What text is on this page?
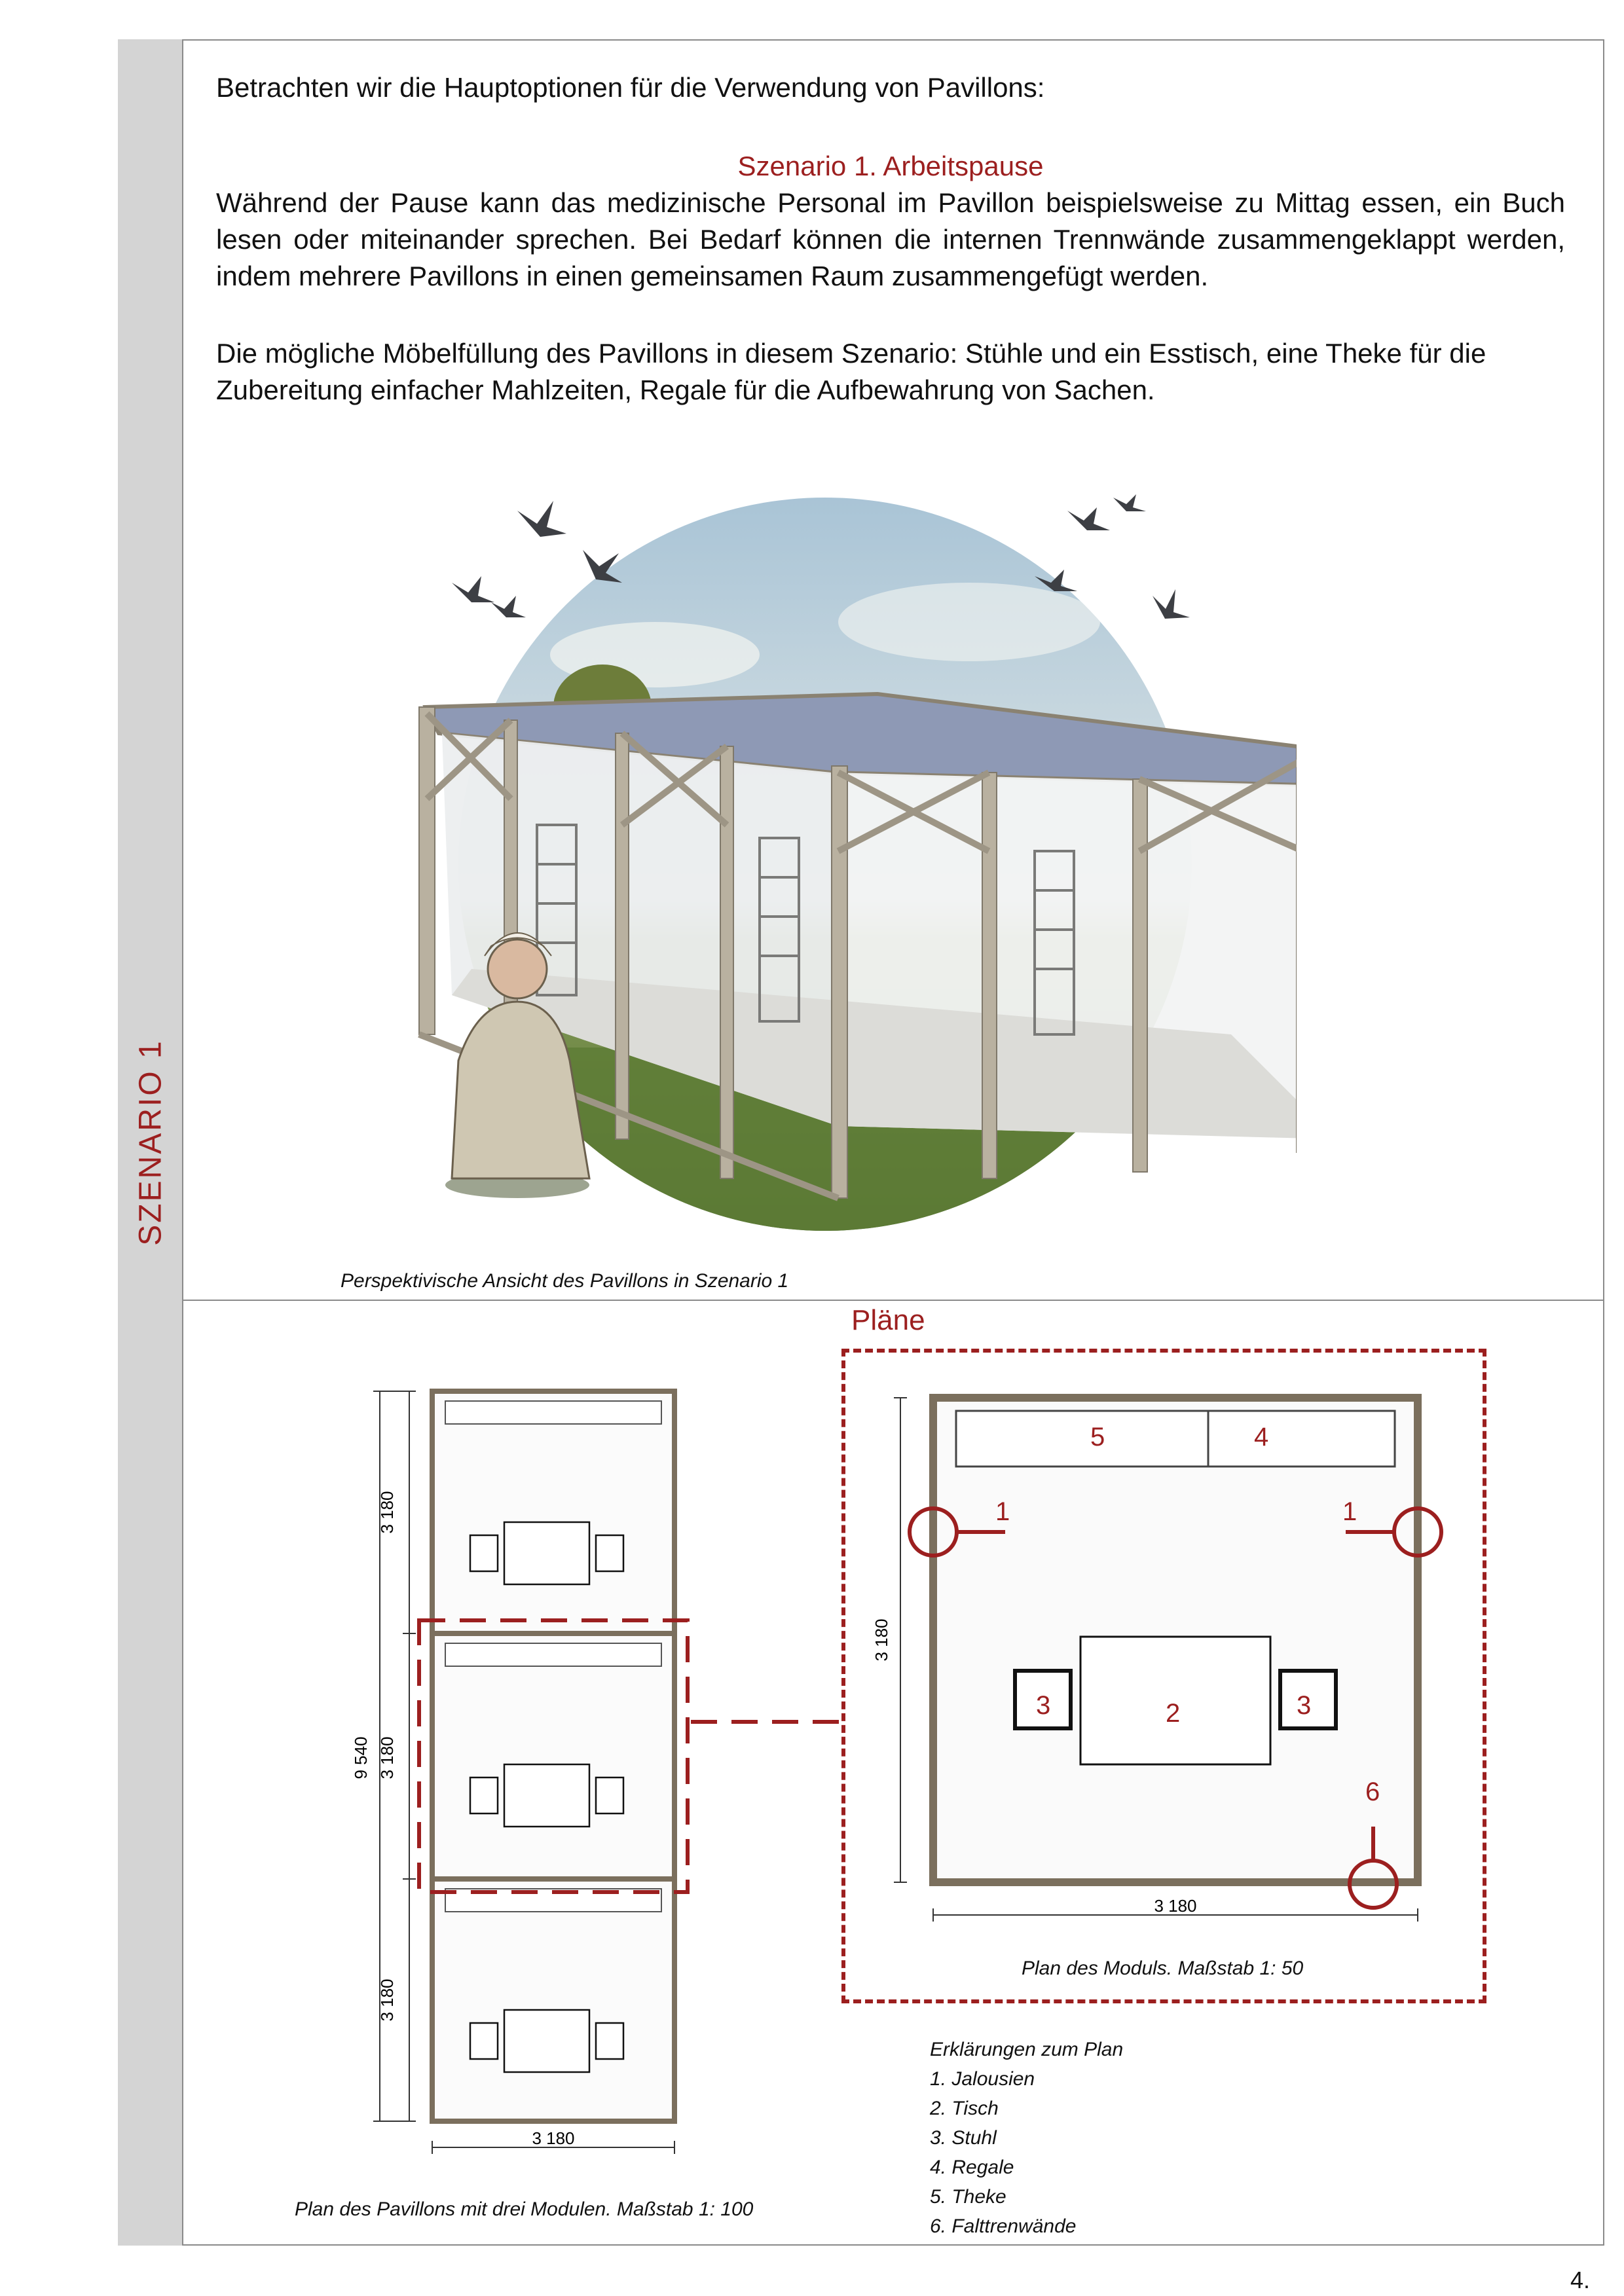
SZENARIO 1
Betrachten wir die Hauptoptionen für die Verwendung von Pavillons:
Szenario 1. Arbeitspause

Während der Pause kann das medizinische Personal im Pavillon beispielsweise zu Mittag essen, ein Buch lesen oder miteinander sprechen. Bei Bedarf können die internen Trennwände zusammengeklappt werden, indem mehrere Pavillons in einen gemeinsamen Raum zusammengefügt werden.

Die mögliche Möbelfüllung des Pavillons in diesem Szenario: Stühle und ein Esstisch, eine Theke für die Zubereitung einfacher Mahlzeiten, Regale für die Aufbewahrung von Sachen.

Perspektivische Ansicht des Pavillons in Szenario 1
Pläne
3 180
3 180
3 180
9 540
3 180
Plan des Pavillons mit drei Modulen. Maßstab 1: 100
3 180
3 180
5	4
1	1
3	2	3
6
Plan des Moduls. Maßstab 1: 50
Erklärungen zum Plan
1. Jalousien
2. Tisch
3. Stuhl
4. Regale
5. Theke
6. Falttrenwände
4.
